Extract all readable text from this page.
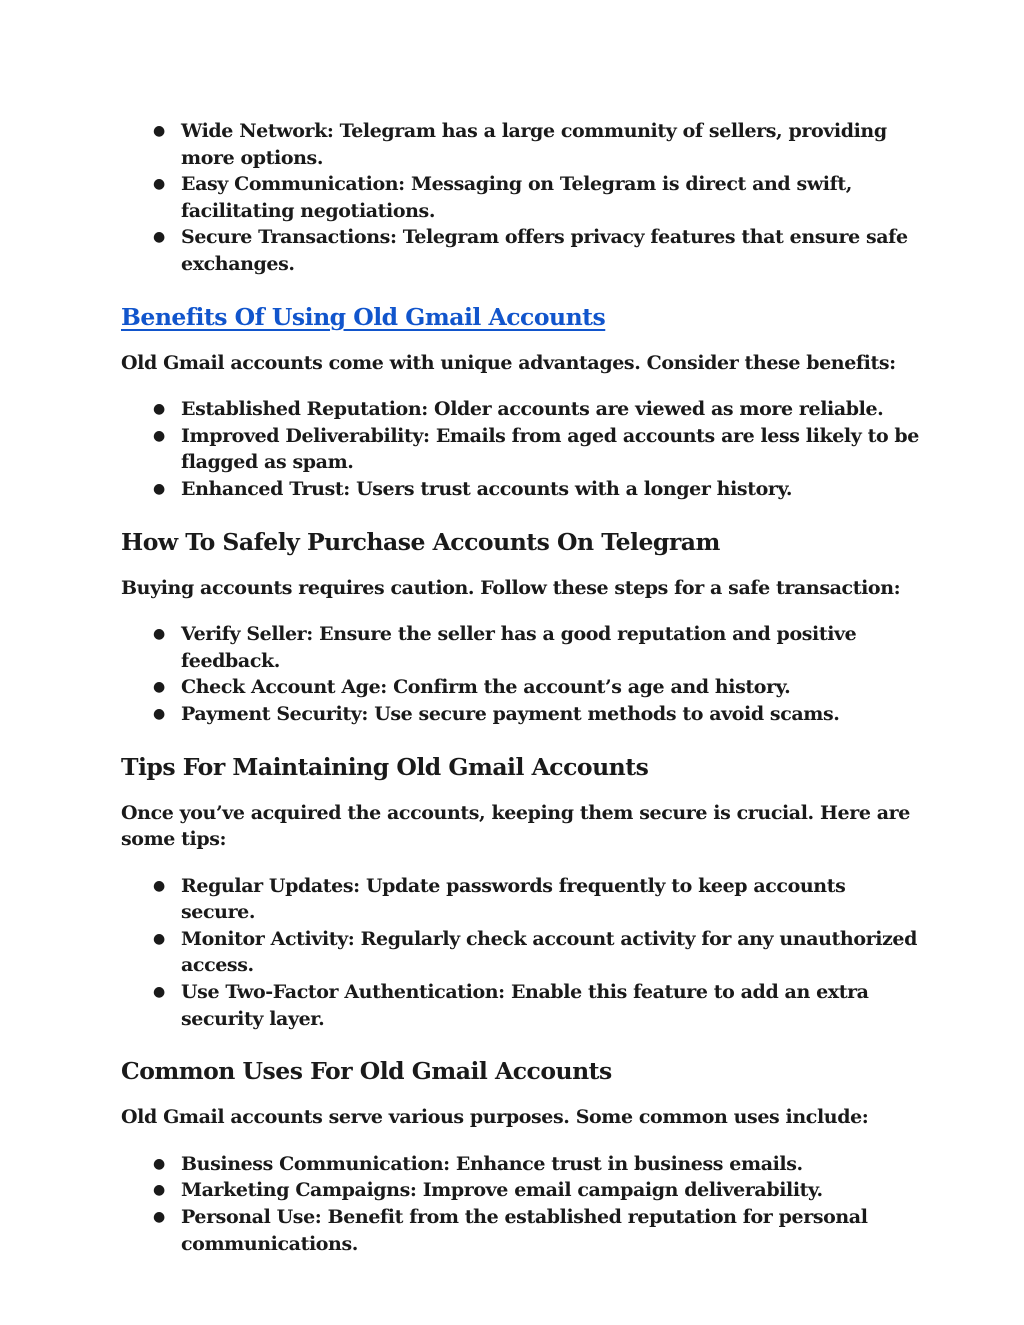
● Wide Network: Telegram has a large community of sellers, providing more options.
● Easy Communication: Messaging on Telegram is direct and swift, facilitating negotiations.
● Secure Transactions: Telegram offers privacy features that ensure safe exchanges.
Benefits Of Using Old Gmail Accounts

Old Gmail accounts come with unique advantages. Consider these benefits:

● Established Reputation: Older accounts are viewed as more reliable.
● Improved Deliverability: Emails from aged accounts are less likely to be flagged as spam.
● Enhanced Trust: Users trust accounts with a longer history.
How To Safely Purchase Accounts On Telegram

Buying accounts requires caution. Follow these steps for a safe transaction:

● Verify Seller: Ensure the seller has a good reputation and positive feedback.
● Check Account Age: Confirm the account’s age and history.
● Payment Security: Use secure payment methods to avoid scams.
Tips For Maintaining Old Gmail Accounts

Once you’ve acquired the accounts, keeping them secure is crucial. Here are some tips:

● Regular Updates: Update passwords frequently to keep accounts secure.
● Monitor Activity: Regularly check account activity for any unauthorized access.
● Use Two-Factor Authentication: Enable this feature to add an extra security layer.
Common Uses For Old Gmail Accounts

Old Gmail accounts serve various purposes. Some common uses include:

● Business Communication: Enhance trust in business emails.
● Marketing Campaigns: Improve email campaign deliverability.
● Personal Use: Benefit from the established reputation for personal communications.
